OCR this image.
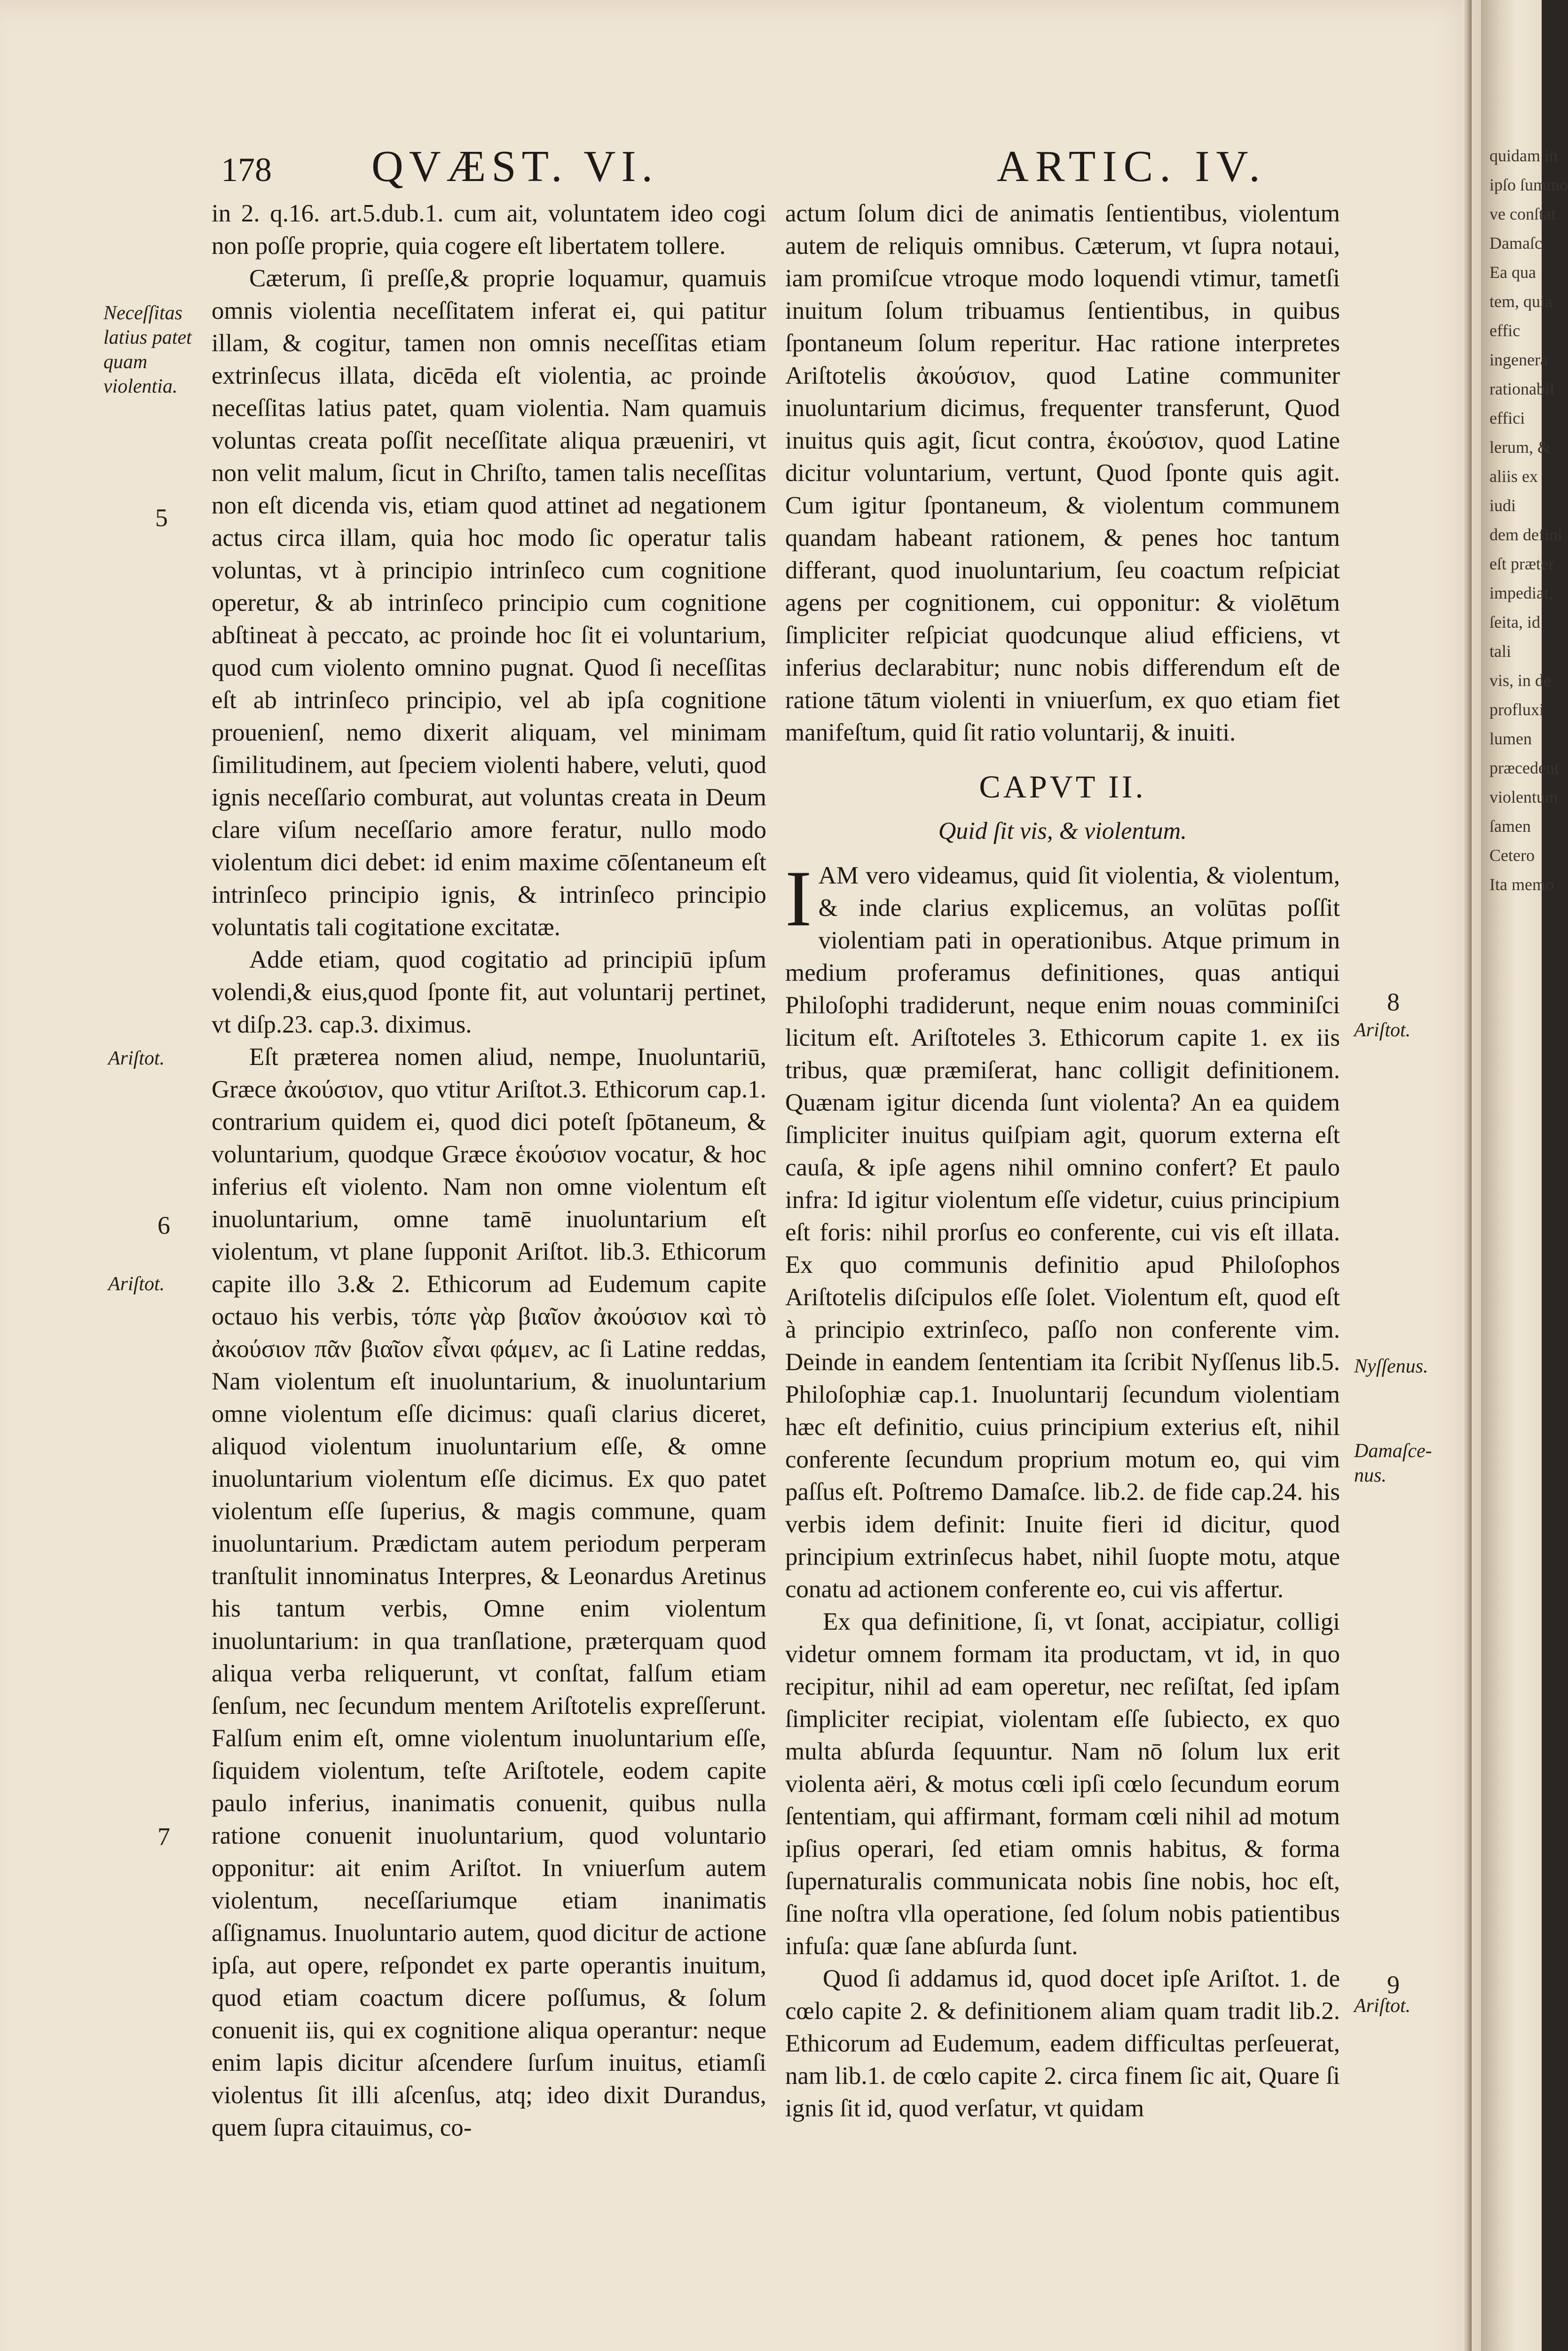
178 QVÆST. VI.	ARTIC. IV.
Neceſſitas latius patet quam violentia.
5
Ariſtot.
6
Ariſtot.
7
8
Ariſtot.
Nyſſenus.
Damaſce-nus.
9
Ariſtot.

in 2. q.16. art.5.dub.1. cum ait, voluntatem ideo cogi non poſſe proprie, quia cogere eſt libertatem tollere.

Cæterum, ſi preſſe,& proprie loquamur, quamuis omnis violentia neceſſitatem inferat ei, qui patitur illam, & cogitur, tamen non omnis neceſſitas etiam extrinſecus illata, dicēda eſt violentia, ac proinde neceſſitas latius patet, quam violentia. Nam quamuis voluntas creata poſſit neceſſitate aliqua præueniri, vt non velit malum, ſicut in Chriſto, tamen talis neceſſitas non eſt dicenda vis, etiam quod attinet ad negationem actus circa illam, quia hoc modo ſic operatur talis voluntas, vt à principio intrinſeco cum cognitione operetur, & ab intrinſeco principio cum cognitione abſtineat à peccato, ac proinde hoc ſit ei voluntarium, quod cum violento omnino pugnat. Quod ſi neceſſitas eſt ab intrinſeco principio, vel ab ipſa cognitione prouenienſ, nemo dixerit aliquam, vel minimam ſimilitudinem, aut ſpeciem violenti habere, veluti, quod ignis neceſſario comburat, aut voluntas creata in Deum clare viſum neceſſario amore feratur, nullo modo violentum dici debet: id enim maxime cōſentaneum eſt intrinſeco principio ignis, & intrinſeco principio voluntatis tali cogitatione excitatæ.

Adde etiam, quod cogitatio ad principiū ipſum volendi,& eius,quod ſponte fit, aut voluntarij pertinet, vt diſp.23. cap.3. diximus.

Eſt præterea nomen aliud, nempe, Inuoluntariū, Græce ἀκούσιον, quo vtitur Ariſtot.3. Ethicorum cap.1. contrarium quidem ei, quod dici poteſt ſpōtaneum, & voluntarium, quodque Græce ἑκούσιον vocatur, & hoc inferius eſt violento. Nam non omne violentum eſt inuoluntarium, omne tamē inuoluntarium eſt violentum, vt plane ſupponit Ariſtot. lib.3. Ethicorum capite illo 3.& 2. Ethicorum ad Eudemum capite octauo his verbis, τόπε γὰρ βιαῖον ἀκούσιον καὶ τὸ ἀκούσιον πᾶν βιαῖον εἶναι φάμεν, ac ſi Latine reddas, Nam violentum eſt inuoluntarium, & inuoluntarium omne violentum eſſe dicimus: quaſi clarius diceret, aliquod violentum inuoluntarium eſſe, & omne inuoluntarium violentum eſſe dicimus. Ex quo patet violentum eſſe ſuperius, & magis commune, quam inuoluntarium. Prædictam autem periodum perperam tranſtulit innominatus Interpres, & Leonardus Aretinus his tantum verbis, Omne enim violentum inuoluntarium: in qua tranſlatione, præterquam quod aliqua verba reliquerunt, vt conſtat, falſum etiam ſenſum, nec ſecundum mentem Ariſtotelis expreſſerunt. Falſum enim eſt, omne violentum inuoluntarium eſſe, ſiquidem violentum, teſte Ariſtotele, eodem capite paulo inferius, inanimatis conuenit, quibus nulla ratione conuenit inuoluntarium, quod voluntario opponitur: ait enim Ariſtot. In vniuerſum autem violentum, neceſſariumque etiam inanimatis aſſignamus. Inuoluntario autem, quod dicitur de actione ipſa, aut opere, reſpondet ex parte operantis inuitum, quod etiam coactum dicere poſſumus, & ſolum conuenit iis, qui ex cognitione aliqua operantur: neque enim lapis dicitur aſcendere ſurſum inuitus, etiamſi violentus ſit illi aſcenſus, atq; ideo dixit Durandus, quem ſupra citauimus, co-

actum ſolum dici de animatis ſentientibus, violentum autem de reliquis omnibus. Cæterum, vt ſupra notaui, iam promiſcue vtroque modo loquendi vtimur, tametſi inuitum ſolum tribuamus ſentientibus, in quibus ſpontaneum ſolum reperitur. Hac ratione interpretes Ariſtotelis ἀκούσιον, quod Latine communiter inuoluntarium dicimus, frequenter transferunt, Quod inuitus quis agit, ſicut contra, ἑκούσιον, quod Latine dicitur voluntarium, vertunt, Quod ſponte quis agit. Cum igitur ſpontaneum, & violentum communem quandam habeant rationem, & penes hoc tantum differant, quod inuoluntarium, ſeu coactum reſpiciat agens per cognitionem, cui opponitur: & violētum ſimpliciter reſpiciat quodcunque aliud efficiens, vt inferius declarabitur; nunc nobis differendum eſt de ratione tātum violenti in vniuerſum, ex quo etiam fiet manifeſtum, quid ſit ratio voluntarij, & inuiti.

CAPVT II.
Quid ſit vis, & violentum.

IAM vero videamus, quid ſit violentia, & violentum, & inde clarius explicemus, an volūtas poſſit violentiam pati in operationibus. Atque primum in medium proferamus definitiones, quas antiqui Philoſophi tradiderunt, neque enim nouas comminiſci licitum eſt. Ariſtoteles 3. Ethicorum capite 1. ex iis tribus, quæ præmiſerat, hanc colligit definitionem. Quænam igitur dicenda ſunt violenta? An ea quidem ſimpliciter inuitus quiſpiam agit, quorum externa eſt cauſa, & ipſe agens nihil omnino confert? Et paulo infra: Id igitur violentum eſſe videtur, cuius principium eſt foris: nihil prorſus eo conferente, cui vis eſt illata. Ex quo communis definitio apud Philoſophos Ariſtotelis diſcipulos eſſe ſolet. Violentum eſt, quod eſt à principio extrinſeco, paſſo non conferente vim. Deinde in eandem ſententiam ita ſcribit Nyſſenus lib.5. Philoſophiæ cap.1. Inuoluntarij ſecundum violentiam hæc eſt definitio, cuius principium exterius eſt, nihil conferente ſecundum proprium motum eo, qui vim paſſus eſt. Poſtremo Damaſce. lib.2. de fide cap.24. his verbis idem definit: Inuite fieri id dicitur, quod principium extrinſecus habet, nihil ſuopte motu, atque conatu ad actionem conferente eo, cui vis affertur.

Ex qua definitione, ſi, vt ſonat, accipiatur, colligi videtur omnem formam ita productam, vt id, in quo recipitur, nihil ad eam operetur, nec reſiſtat, ſed ipſam ſimpliciter recipiat, violentam eſſe ſubiecto, ex quo multa abſurda ſequuntur. Nam nō ſolum lux erit violenta aëri, & motus cœli ipſi cœlo ſecundum eorum ſententiam, qui affirmant, formam cœli nihil ad motum ipſius operari, ſed etiam omnis habitus, & forma ſupernaturalis communicata nobis ſine nobis, hoc eſt, ſine noſtra vlla operatione, ſed ſolum nobis patientibus infuſa: quæ ſane abſurda ſunt.

Quod ſi addamus id, quod docet ipſe Ariſtot. 1. de cœlo capite 2. & definitionem aliam quam tradit lib.2. Ethicorum ad Eudemum, eadem difficultas perſeuerat, nam lib.1. de cœlo capite 2. circa finem ſic ait, Quare ſi ignis ſit id, quod verſatur, vt quidam

quidam in
ipſo ſummo
ve conſtat
Damaſc
Ea qua
tem, quia
effic
ingenera
rationabil
effici
lerum, &
aliis ex
iudi
dem defini
eſt præter
impediat,
ſeita, id
tali
vis, in de
profluxi
lumen
præcedent
violentum
ſamen
Cetero
Ita memo
